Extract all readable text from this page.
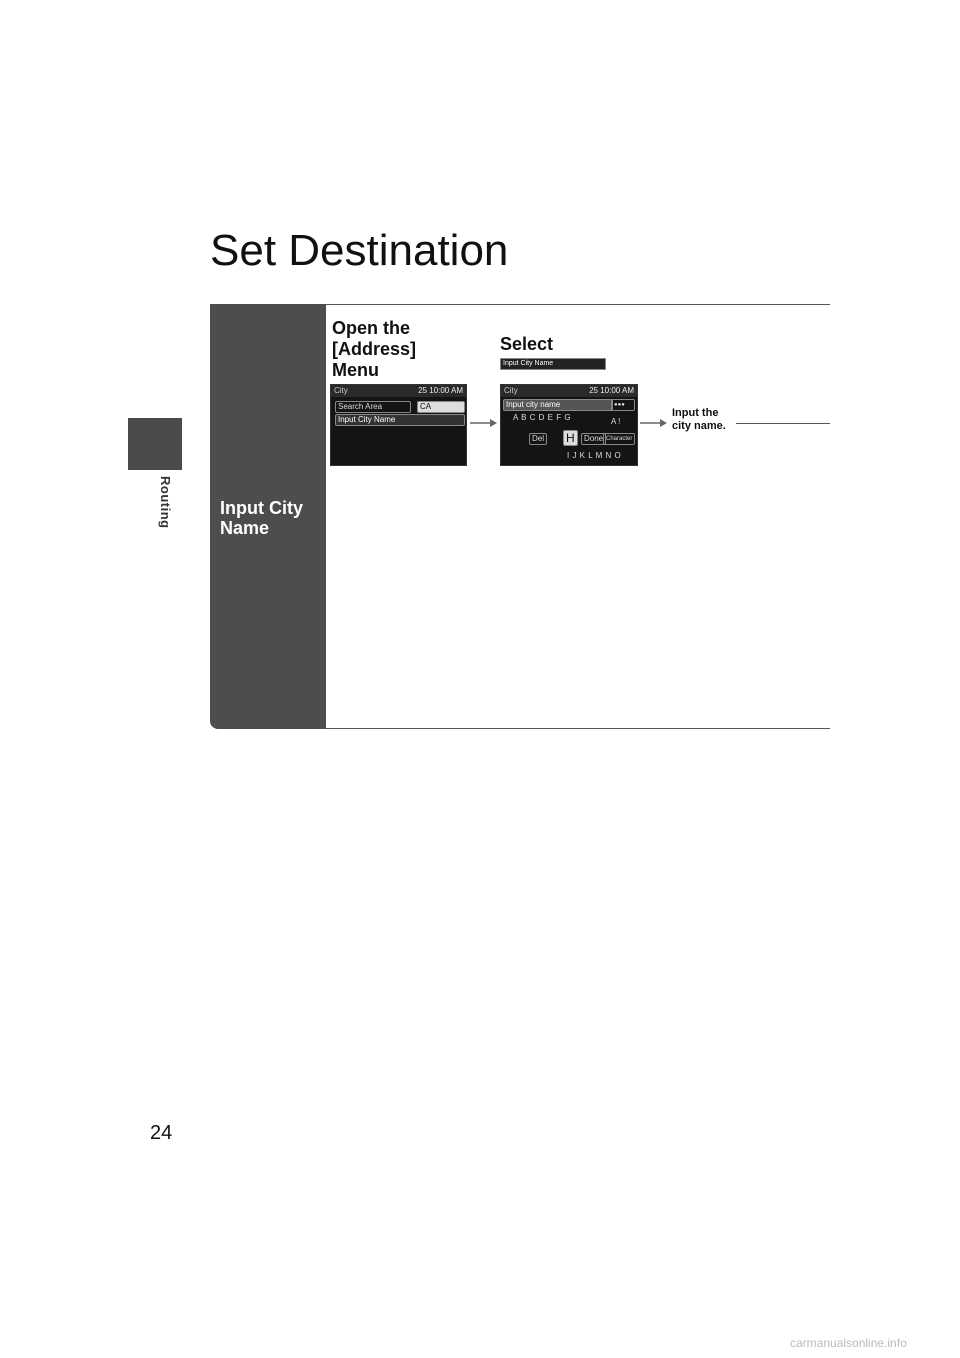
Routing
Set Destination
Input City Name
Open the [Address] Menu
Select
Input City Name
City	25 10:00 AM
Search Area	CA
Input City Name
City	25 10:00 AM
Input city name	●●●
A B C D E F G	A !
Del H	Done Character
I J K L M N O
Input the city name.
24
carmanualsonline.info
